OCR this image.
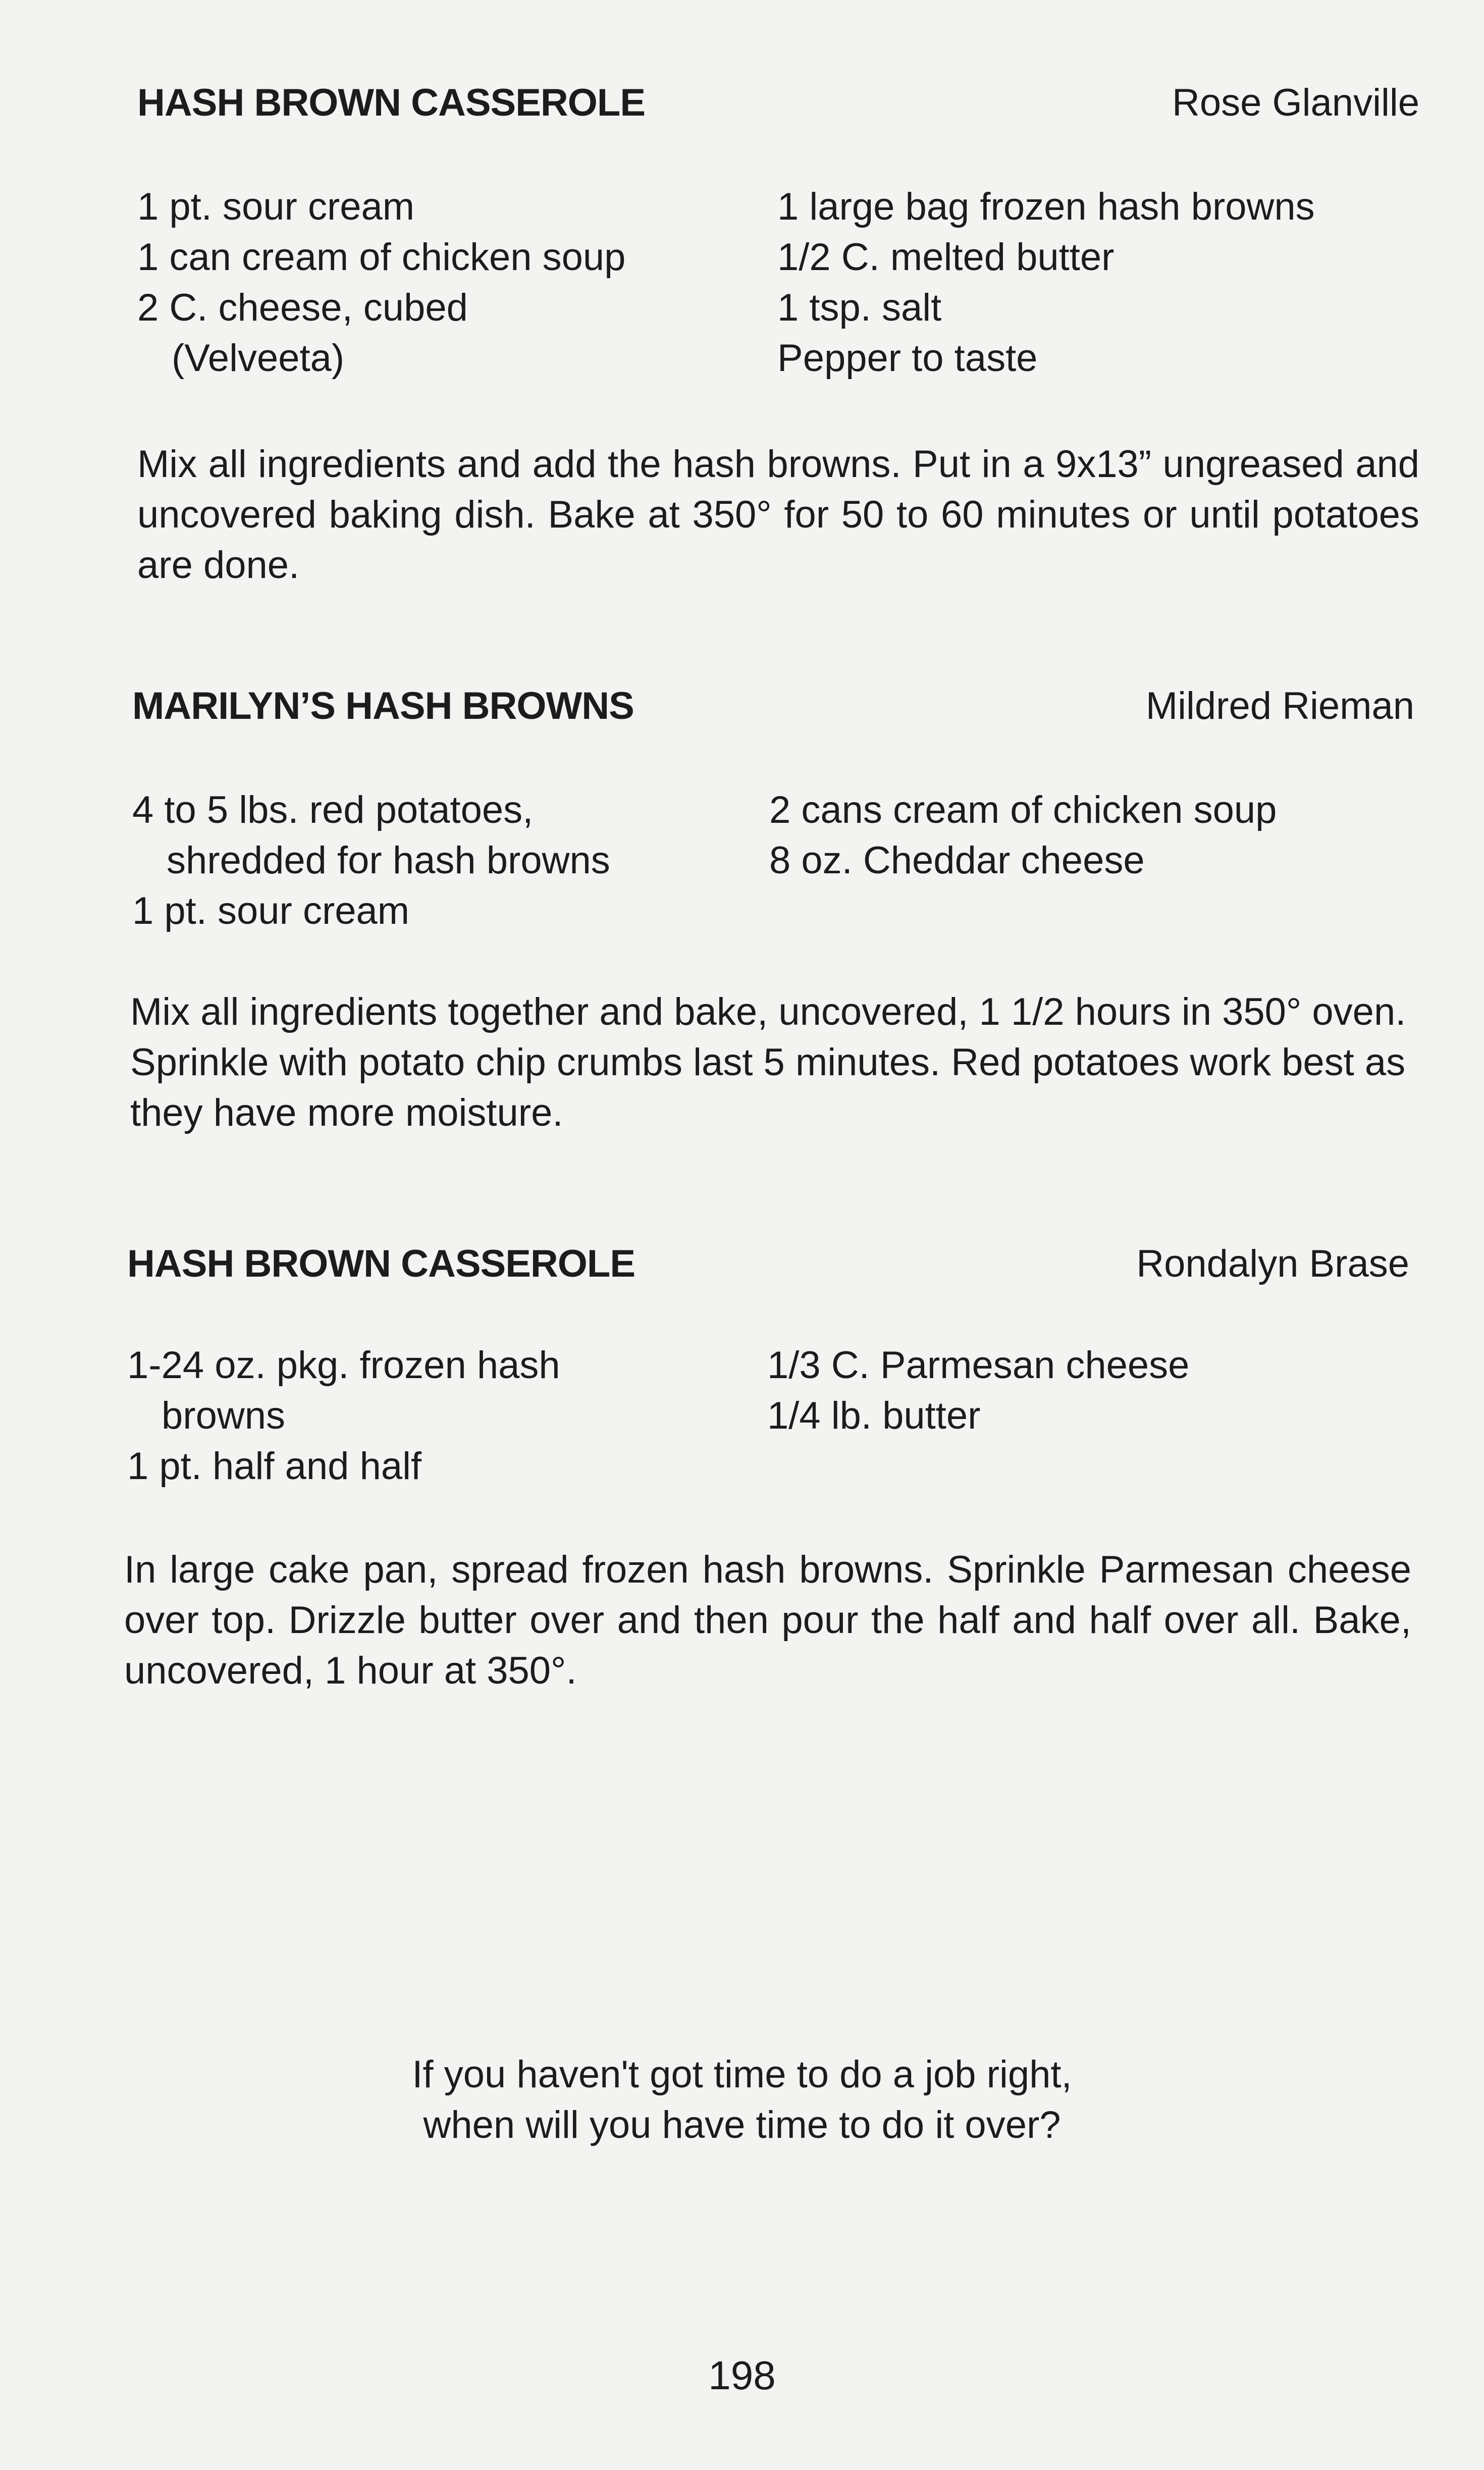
HASH BROWN CASSEROLE	Rose Glanville
1 pt. sour cream
1 can cream of chicken soup
2 C. cheese, cubed
(Velveeta)
1 large bag frozen hash browns
1/2 C. melted butter
1 tsp. salt
Pepper to taste
Mix all ingredients and add the hash browns. Put in a 9x13” ungreased and uncovered baking dish. Bake at 350° for 50 to 60 minutes or until potatoes are done.
MARILYN’S HASH BROWNS	Mildred Rieman
4 to 5 lbs. red potatoes,
shredded for hash browns
1 pt. sour cream
2 cans cream of chicken soup
8 oz. Cheddar cheese
Mix all ingredients together and bake, uncovered, 1 1/2 hours in 350° oven. Sprinkle with potato chip crumbs last 5 minutes. Red potatoes work best as they have more moisture.
HASH BROWN CASSEROLE	Rondalyn Brase
1-24 oz. pkg. frozen hash
browns
1 pt. half and half
1/3 C. Parmesan cheese
1/4 lb. butter
In large cake pan, spread frozen hash browns. Sprinkle Parmesan cheese over top. Drizzle butter over and then pour the half and half over all. Bake, uncovered, 1 hour at 350°.
If you haven't got time to do a job right,
when will you have time to do it over?
198
